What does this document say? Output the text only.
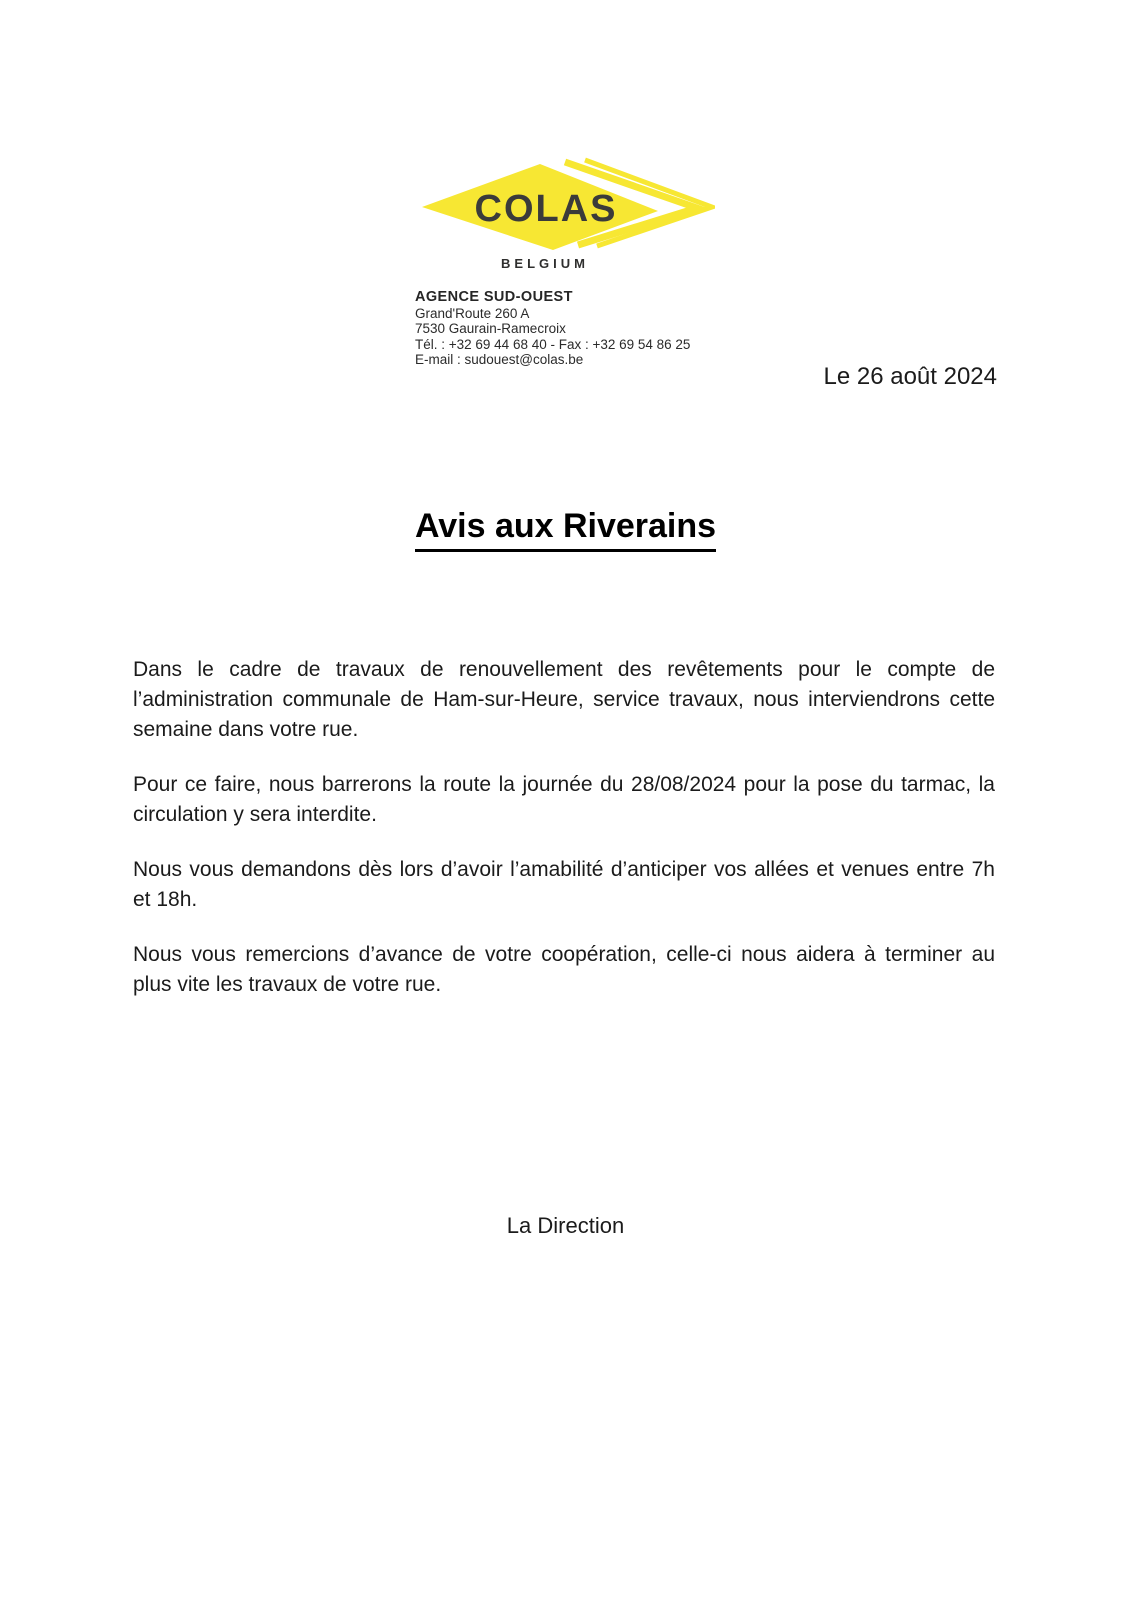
COLAS
BELGIUM
AGENCE SUD-OUEST
Grand'Route 260 A
7530 Gaurain-Ramecroix
Tél. : +32 69 44 68 40 - Fax : +32 69 54 86 25
E-mail : sudouest@colas.be
Le 26 août 2024
Avis aux Riverains

Dans le cadre de travaux de renouvellement des revêtements pour le compte de l’administration communale de Ham-sur-Heure, service travaux, nous interviendrons cette semaine dans votre rue.

Pour ce faire, nous barrerons la route la journée du 28/08/2024 pour la pose du tarmac, la circulation y sera interdite.

Nous vous demandons dès lors d’avoir l’amabilité d’anticiper vos allées et venues entre 7h et 18h.

Nous vous remercions d’avance de votre coopération, celle-ci nous aidera à terminer au plus vite les travaux de votre rue.

La Direction
